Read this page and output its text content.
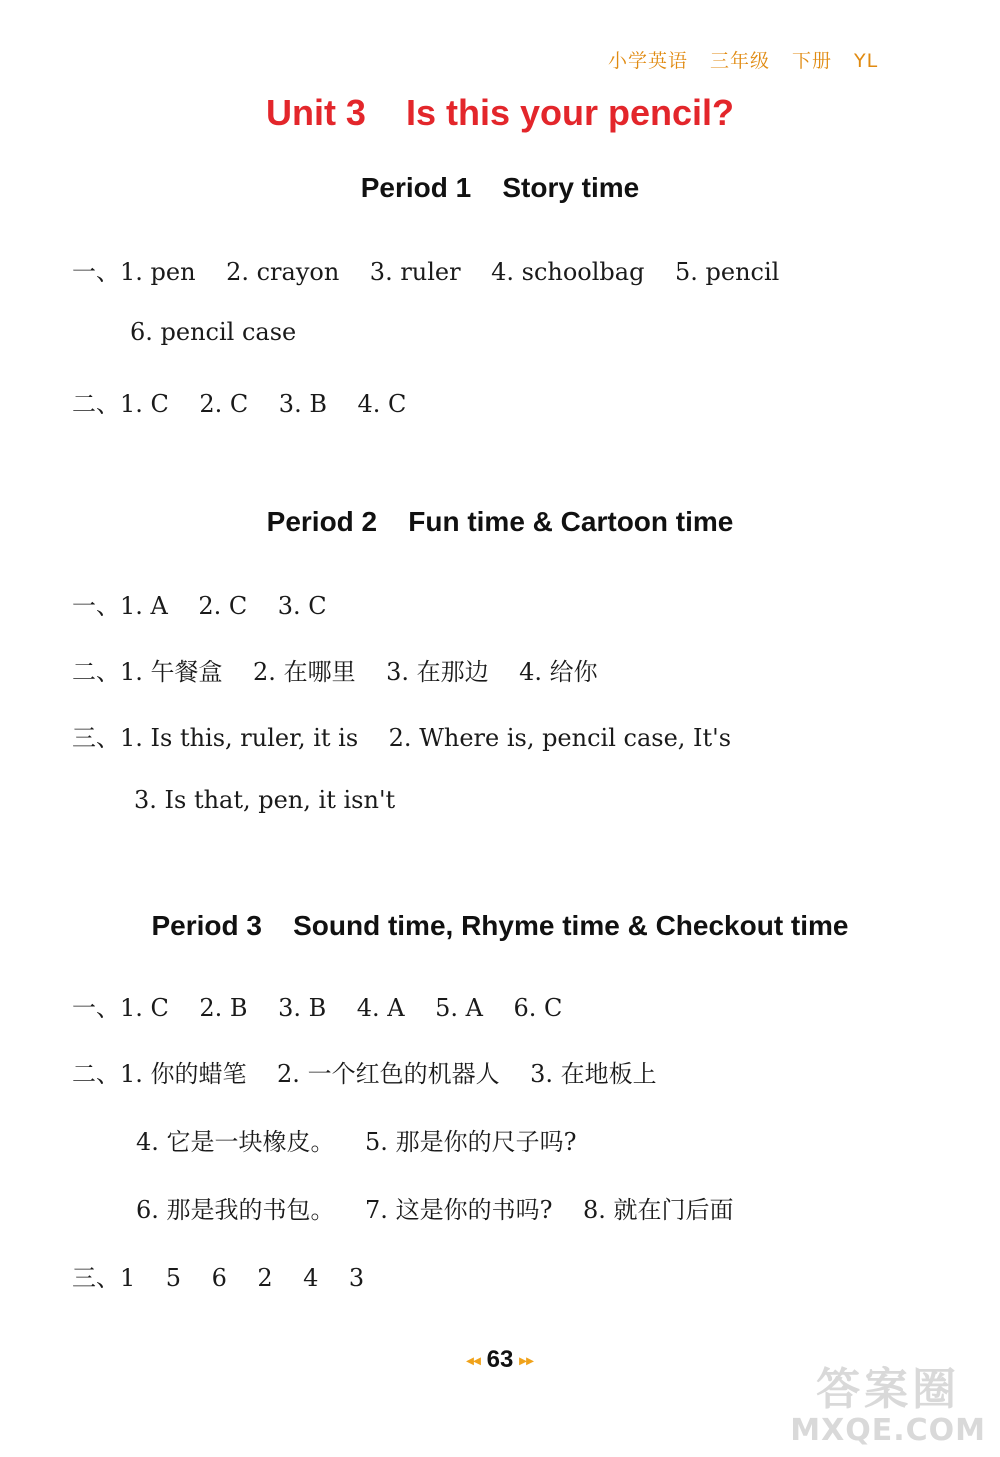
小学英语 三年级 下册 YL
Unit 3    Is this your pencil?
Period 1    Story time
一、1. pen    2. crayon    3. ruler    4. schoolbag    5. pencil
6. pencil case
二、1. C    2. C    3. B    4. C
Period 2    Fun time & Cartoon time
一、1. A    2. C    3. C
二、1. 午餐盒    2. 在哪里    3. 在那边    4. 给你
三、1. Is this, ruler, it is    2. Where is, pencil case, It's
3. Is that, pen, it isn't
Period 3    Sound time, Rhyme time & Checkout time
一、1. C    2. B    3. B    4. A    5. A    6. C
二、1. 你的蜡笔    2. 一个红色的机器人    3. 在地板上
4. 它是一块橡皮。    5. 那是你的尺子吗?
6. 那是我的书包。    7. 这是你的书吗?    8. 就在门后面
三、1    5    6    2    4    3
◂◂ 63 ▸▸
答案圈
MXQE.COM
